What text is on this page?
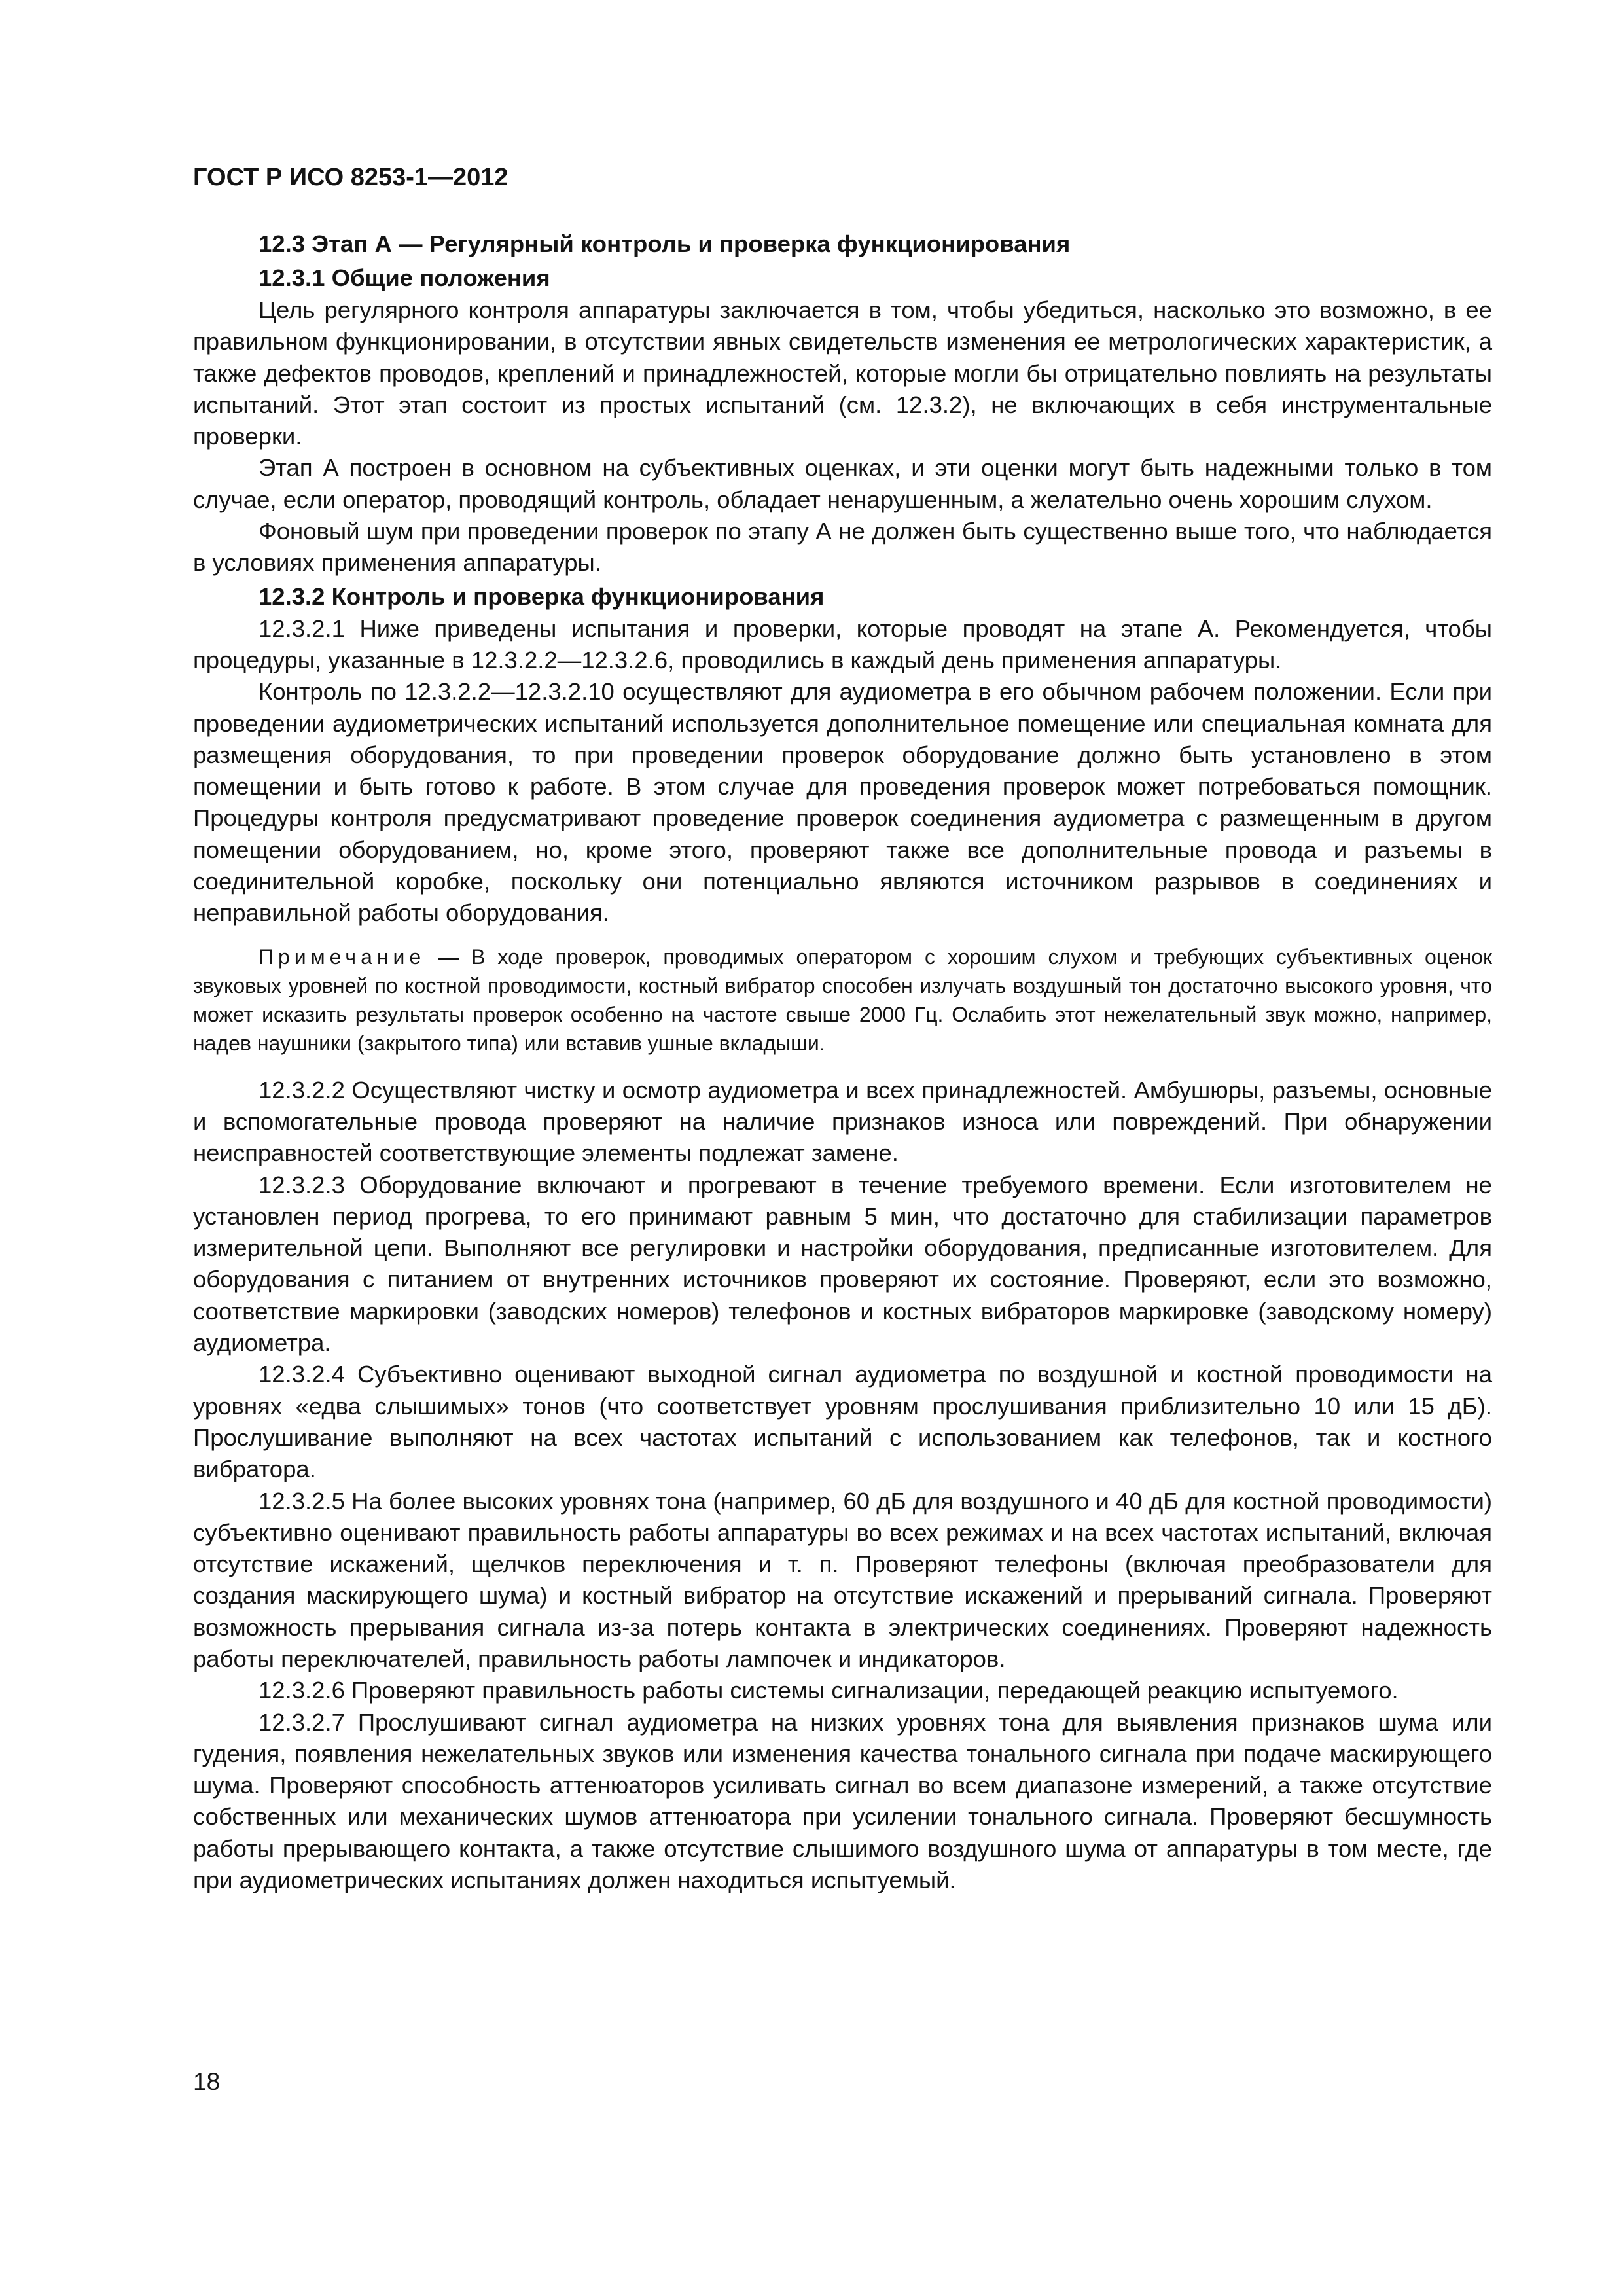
ГОСТ Р ИСО 8253-1—2012

12.3 Этап А — Регулярный контроль и проверка функционирования

12.3.1 Общие положения

Цель регулярного контроля аппаратуры заключается в том, чтобы убедиться, насколько это возможно, в ее правильном функционировании, в отсутствии явных свидетельств изменения ее метрологических характеристик, а также дефектов проводов, креплений и принадлежностей, которые могли бы отрицательно повлиять на результаты испытаний. Этот этап состоит из простых испытаний (см. 12.3.2), не включающих в себя инструментальные проверки.

Этап А построен в основном на субъективных оценках, и эти оценки могут быть надежными только в том случае, если оператор, проводящий контроль, обладает ненарушенным, а желательно очень хорошим слухом.

Фоновый шум при проведении проверок по этапу А не должен быть существенно выше того, что наблюдается в условиях применения аппаратуры.

12.3.2 Контроль и проверка функционирования

12.3.2.1 Ниже приведены испытания и проверки, которые проводят на этапе А. Рекомендуется, чтобы процедуры, указанные в 12.3.2.2—12.3.2.6, проводились в каждый день применения аппаратуры.

Контроль по 12.3.2.2—12.3.2.10 осуществляют для аудиометра в его обычном рабочем положении. Если при проведении аудиометрических испытаний используется дополнительное помещение или специальная комната для размещения оборудования, то при проведении проверок оборудование должно быть установлено в этом помещении и быть готово к работе. В этом случае для проведения проверок может потребоваться помощник. Процедуры контроля предусматривают проведение проверок соединения аудиометра с размещенным в другом помещении оборудованием, но, кроме этого, проверяют также все дополнительные провода и разъемы в соединительной коробке, поскольку они потенциально являются источником разрывов в соединениях и неправильной работы оборудования.

Примечание — В ходе проверок, проводимых оператором с хорошим слухом и требующих субъективных оценок звуковых уровней по костной проводимости, костный вибратор способен излучать воздушный тон достаточно высокого уровня, что может исказить результаты проверок особенно на частоте свыше 2000 Гц. Ослабить этот нежелательный звук можно, например, надев наушники (закрытого типа) или вставив ушные вкладыши.

12.3.2.2 Осуществляют чистку и осмотр аудиометра и всех принадлежностей. Амбушюры, разъемы, основные и вспомогательные провода проверяют на наличие признаков износа или повреждений. При обнаружении неисправностей соответствующие элементы подлежат замене.

12.3.2.3 Оборудование включают и прогревают в течение требуемого времени. Если изготовителем не установлен период прогрева, то его принимают равным 5 мин, что достаточно для стабилизации параметров измерительной цепи. Выполняют все регулировки и настройки оборудования, предписанные изготовителем. Для оборудования с питанием от внутренних источников проверяют их состояние. Проверяют, если это возможно, соответствие маркировки (заводских номеров) телефонов и костных вибраторов маркировке (заводскому номеру) аудиометра.

12.3.2.4 Субъективно оценивают выходной сигнал аудиометра по воздушной и костной проводимости на уровнях «едва слышимых» тонов (что соответствует уровням прослушивания приблизительно 10 или 15 дБ). Прослушивание выполняют на всех частотах испытаний с использованием как телефонов, так и костного вибратора.

12.3.2.5 На более высоких уровнях тона (например, 60 дБ для воздушного и 40 дБ для костной проводимости) субъективно оценивают правильность работы аппаратуры во всех режимах и на всех частотах испытаний, включая отсутствие искажений, щелчков переключения и т. п. Проверяют телефоны (включая преобразователи для создания маскирующего шума) и костный вибратор на отсутствие искажений и прерываний сигнала. Проверяют возможность прерывания сигнала из-за потерь контакта в электрических соединениях. Проверяют надежность работы переключателей, правильность работы лампочек и индикаторов.

12.3.2.6 Проверяют правильность работы системы сигнализации, передающей реакцию испытуемого.

12.3.2.7 Прослушивают сигнал аудиометра на низких уровнях тона для выявления признаков шума или гудения, появления нежелательных звуков или изменения качества тонального сигнала при подаче маскирующего шума. Проверяют способность аттенюаторов усиливать сигнал во всем диапазоне измерений, а также отсутствие собственных или механических шумов аттенюатора при усилении тонального сигнала. Проверяют бесшумность работы прерывающего контакта, а также отсутствие слышимого воздушного шума от аппаратуры в том месте, где при аудиометрических испытаниях должен находиться испытуемый.

18
